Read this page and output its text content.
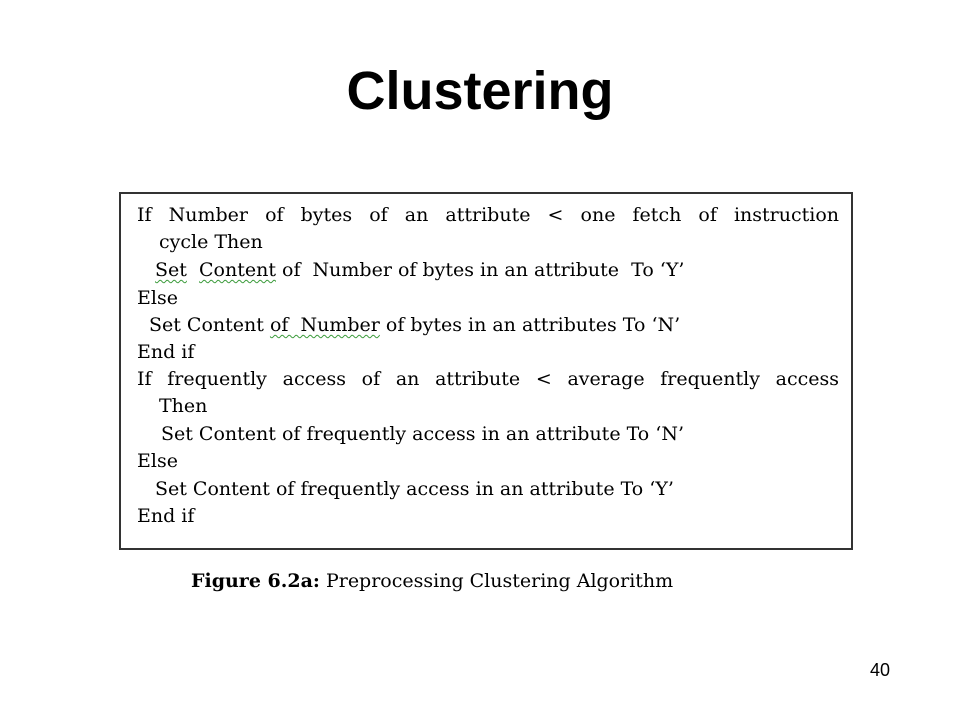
Clustering
If Number of bytes of an attribute < one fetch of instruction
cycle Then
Set Content of  Number of bytes in an attribute  To ‘Y’
Else
Set Content of  Number of bytes in an attributes To ‘N’
End if
If frequently access of an attribute < average frequently access
Then
Set Content of frequently access in an attribute To ‘N’
Else
Set Content of frequently access in an attribute To ‘Y’
End if
Figure 6.2a: Preprocessing Clustering Algorithm
40
